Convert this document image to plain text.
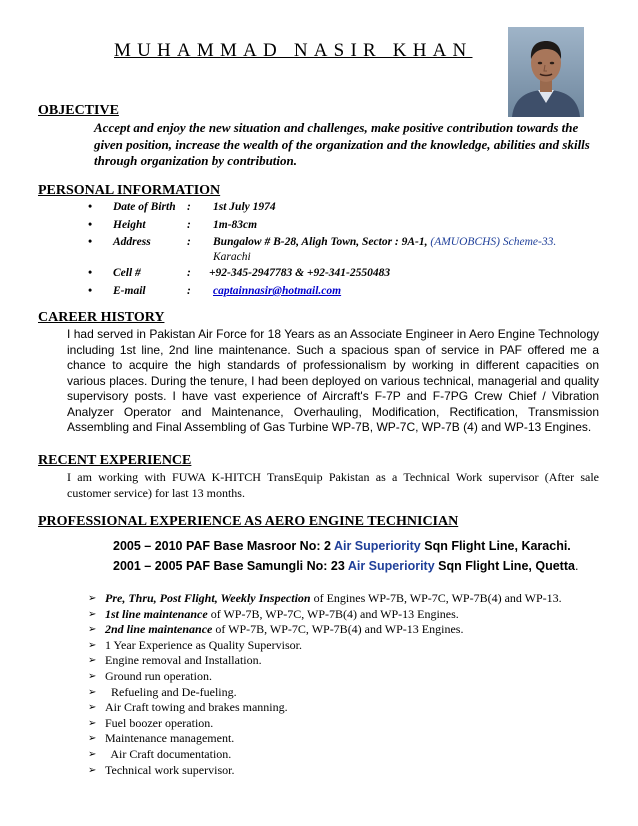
MUHAMMAD NASIR KHAN
OBJECTIVE
Accept and enjoy the new situation and challenges, make positive contribution towards the given position, increase the wealth of the organization and the knowledge, abilities and skills through organization by contribution.
PERSONAL INFORMATION
• Date of Birth : 1st July 1974
• Height	: 1m-83cm
• Address	: Bungalow # B-28, Aligh Town, Sector : 9A-1, (AMUOBCHS) Scheme-33.
Karachi
• Cell #	: +92-345-2947783 & +92-341-2550483
• E-mail	: captainnasir@hotmail.com
CAREER HISTORY
I had served in Pakistan Air Force for 18 Years as an Associate Engineer in Aero Engine Technology including 1st line, 2nd line maintenance. Such a spacious span of service in PAF offered me a chance to acquire the high standards of professionalism by working in different capacities on various places. During the tenure, I had been deployed on various technical, managerial and quality supervisory posts. I have vast experience of Aircraft's F-7P and F-7PG Crew Chief / Vibration Analyzer Operator and Maintenance, Overhauling, Modification, Rectification, Transmission Assembling and Final Assembling of Gas Turbine WP-7B, WP-7C, WP-7B (4) and WP-13 Engines.
RECENT EXPERIENCE
I am working with FUWA K-HITCH TransEquip Pakistan as a Technical Work supervisor (After sale customer service) for last 13 months.
PROFESSIONAL EXPERIENCE AS AERO ENGINE TECHNICIAN
2005 – 2010 PAF Base Masroor No: 2 Air Superiority Sqn Flight Line, Karachi.
2001 – 2005 PAF Base Samungli No: 23 Air Superiority Sqn Flight Line, Quetta.
➢ Pre, Thru, Post Flight, Weekly Inspection of Engines WP-7B, WP-7C, WP-7B(4) and WP-13.
➢ 1st line maintenance of WP-7B, WP-7C, WP-7B(4) and WP-13 Engines.
➢ 2nd line maintenance of WP-7B, WP-7C, WP-7B(4) and WP-13 Engines.
➢ 1 Year Experience as Quality Supervisor.
➢ Engine removal and Installation.
➢ Ground run operation.
➢ Refueling and De-fueling.
➢ Air Craft towing and brakes manning.
➢ Fuel boozer operation.
➢ Maintenance management.
➢ Air Craft documentation.
➢ Technical work supervisor.
